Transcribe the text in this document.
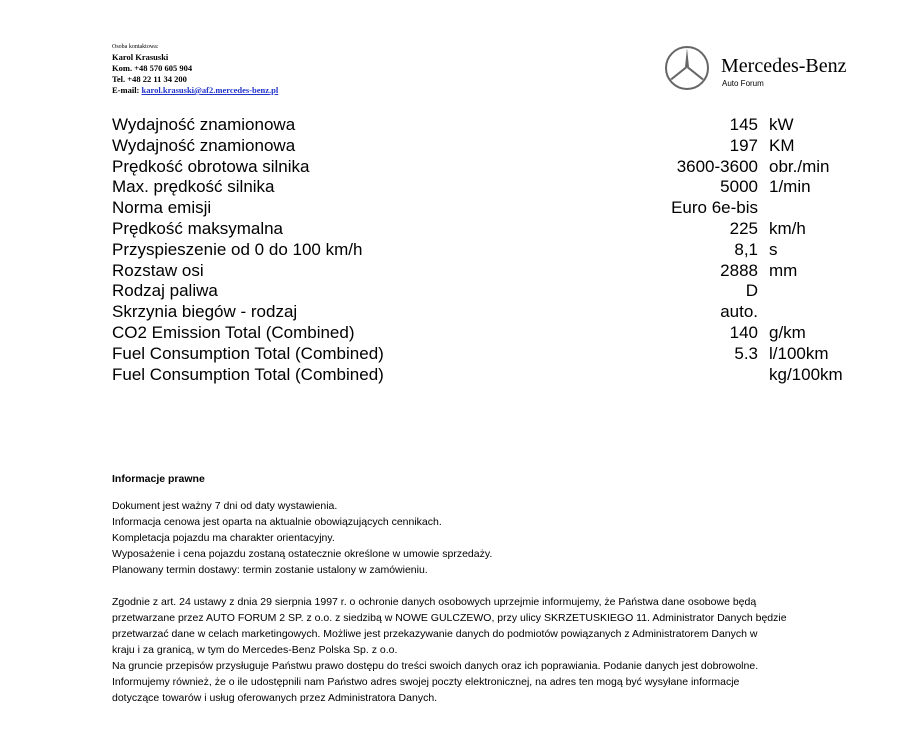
Osoba kontaktowa:
Karol Krasuski
Kom. +48 570 605 904
Tel. +48 22 11 34 200
E-mail: karol.krasuski@af2.mercedes-benz.pl
Mercedes-Benz
Auto Forum
Wydajność znamionowa	145 kW
Wydajność znamionowa	197 KM
Prędkość obrotowa silnika	3600-3600 obr./min
Max. prędkość silnika	5000 1/min
Norma emisji	Euro 6e-bis
Prędkość maksymalna	225 km/h
Przyspieszenie od 0 do 100 km/h	8,1 s
Rozstaw osi	2888 mm
Rodzaj paliwa	D
Skrzynia biegów - rodzaj	auto.
CO2 Emission Total (Combined)	140 g/km
Fuel Consumption Total (Combined)	5.3 l/100km
Fuel Consumption Total (Combined)	kg/100km
Informacje prawne
Dokument jest ważny 7 dni od daty wystawienia.
Informacja cenowa jest oparta na aktualnie obowiązujących cennikach.
Kompletacja pojazdu ma charakter orientacyjny.
Wyposażenie i cena pojazdu zostaną ostatecznie określone w umowie sprzedaży.
Planowany termin dostawy: termin zostanie ustalony w zamówieniu.
Zgodnie z art. 24 ustawy z dnia 29 sierpnia 1997 r. o ochronie danych osobowych uprzejmie informujemy, że Państwa dane osobowe będą
przetwarzane przez AUTO FORUM 2 SP. z o.o. z siedzibą w NOWE GULCZEWO, przy ulicy SKRZETUSKIEGO 11. Administrator Danych będzie
przetwarzać dane w celach marketingowych. Możliwe jest przekazywanie danych do podmiotów powiązanych z Administratorem Danych w
kraju i za granicą, w tym do Mercedes-Benz Polska Sp. z o.o.
Na gruncie przepisów przysługuje Państwu prawo dostępu do treści swoich danych oraz ich poprawiania. Podanie danych jest dobrowolne.
Informujemy również, że o ile udostępnili nam Państwo adres swojej poczty elektronicznej, na adres ten mogą być wysyłane informacje
dotyczące towarów i usług oferowanych przez Administratora Danych.
